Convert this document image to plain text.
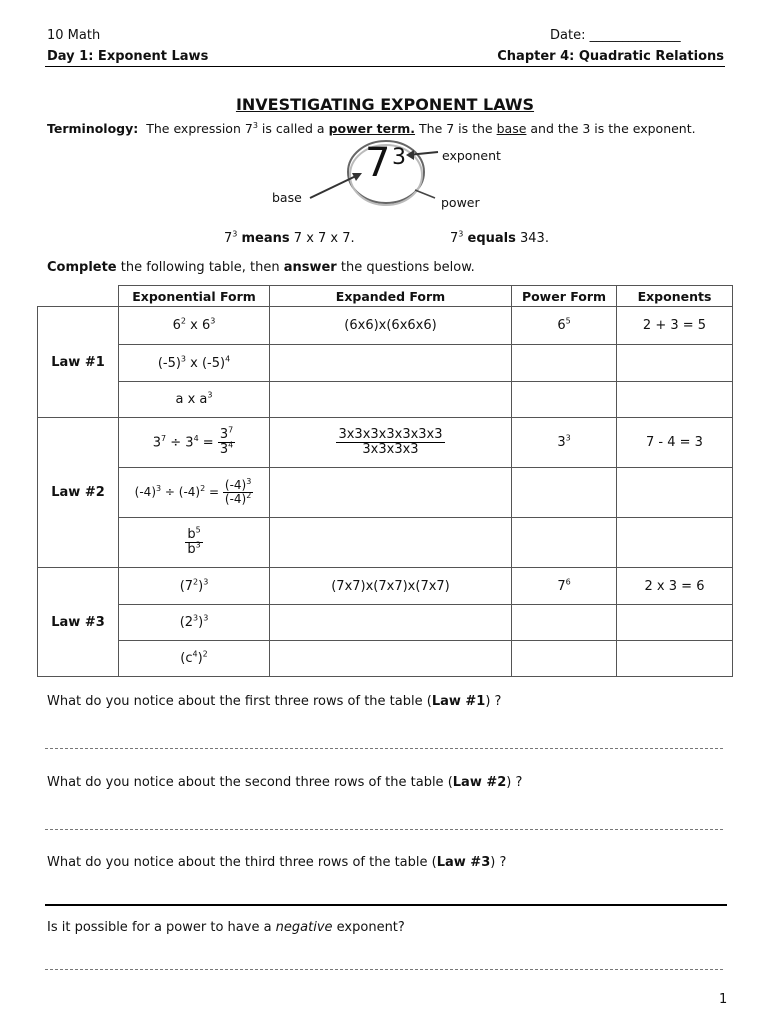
10 Math	Date: ______________
Day 1: Exponent Laws	Chapter 4: Quadratic Relations
INVESTIGATING EXPONENT LAWS
Terminology: The expression $7^3$ is called a power term. The 7 is the base and the 3 is the exponent.
7 3	exponent
base	power
$7^3$ means 7 x 7 x 7.	$7^3$ equals 343.
Complete the following table, then answer the questions below.
	Exponential Form	Expanded Form	Power Form	Exponents
Law #1	$6^2$ x $6^3$	(6x6)x(6x6x6)	$6^5$	2 + 3 = 5
	$(-5)^3$ x $(-5)^4$			
	a x $a^3$			
Law #2	$3^7 \div 3^4 = \frac{3^7}{3^4}$	$\frac{3x3x3x3x3x3x3}{3x3x3x3}$	$3^3$	7 - 4 = 3
	$(-4)^3 \div (-4)^2 = \frac{(-4)^3}{(-4)^2}$

	$\frac{b^5}{b^3}$

Law #3	$(7^2)^3$	(7x7)x(7x7)x(7x7)	$7^6$	2 x 3 = 6
	$(2^3)^3$			
	$(c^4)^2$			
What do you notice about the first three rows of the table (Law #1) ?
What do you notice about the second three rows of the table (Law #2) ?
What do you notice about the third three rows of the table (Law #3) ?
Is it possible for a power to have a negative exponent?
1
